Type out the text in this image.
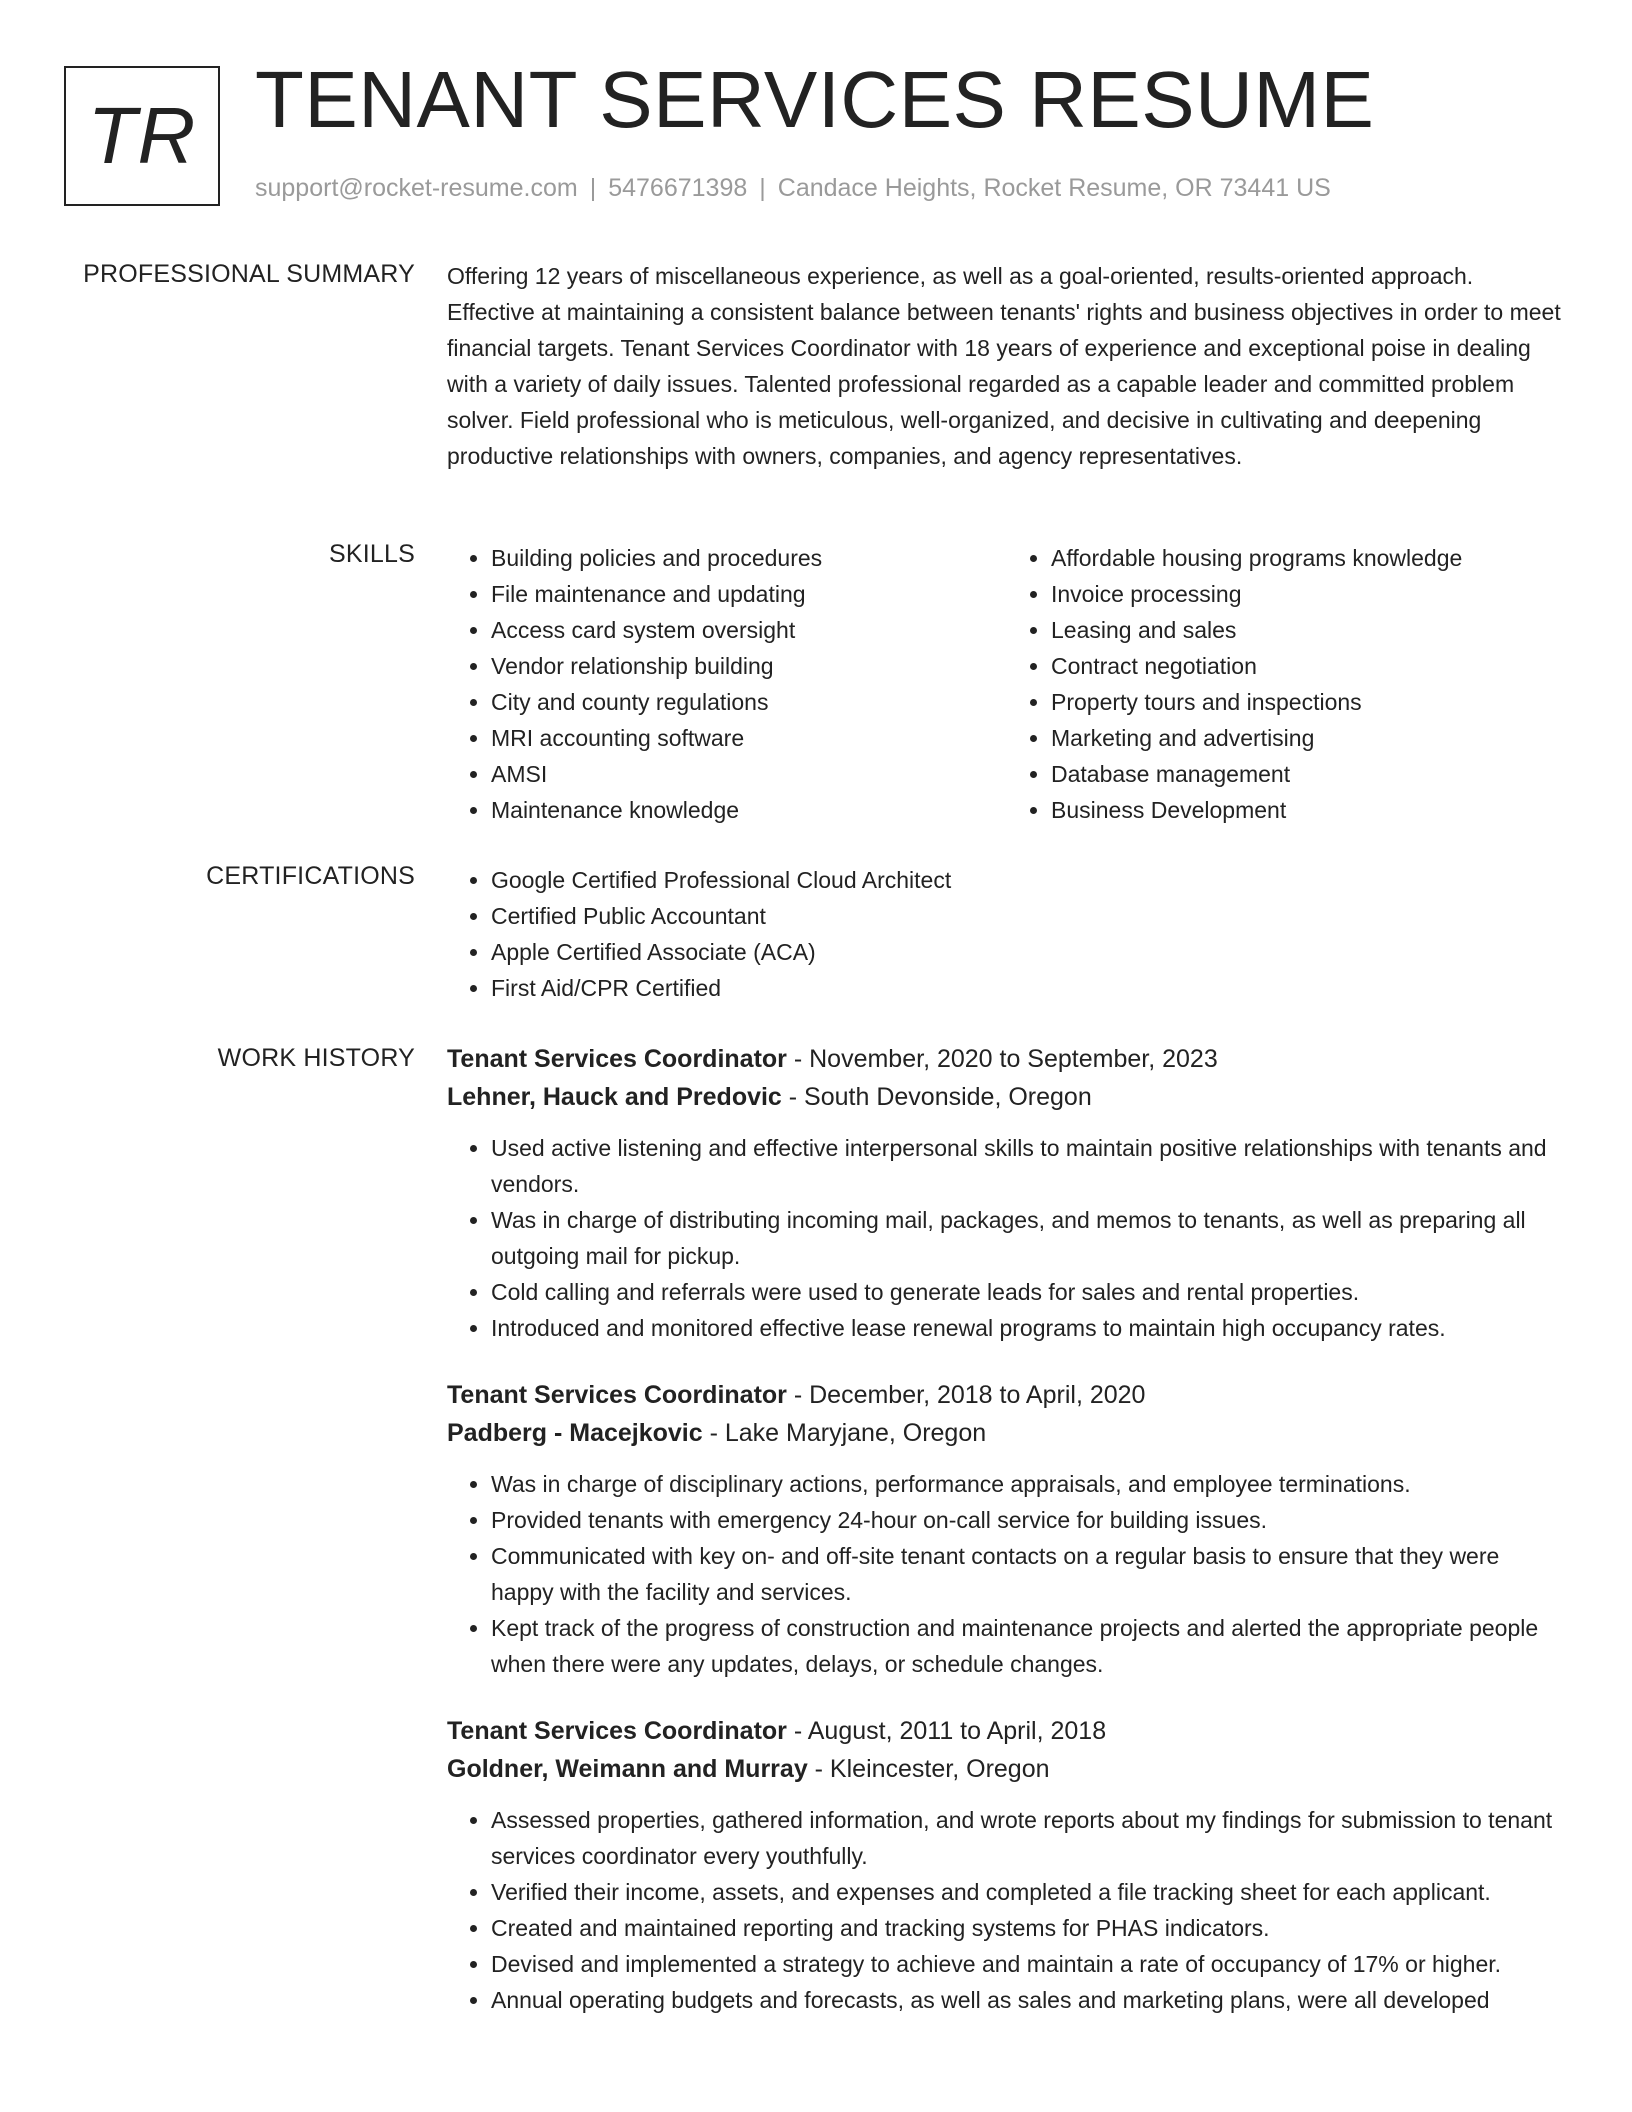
TR TENANT SERVICES RESUME
support@rocket-resume.com | 5476671398 | Candace Heights, Rocket Resume, OR 73441 US
PROFESSIONAL SUMMARY Offering 12 years of miscellaneous experience, as well as a goal-oriented, results-oriented approach. Effective at maintaining a consistent balance between tenants' rights and business objectives in order to meet financial targets. Tenant Services Coordinator with 18 years of experience and exceptional poise in dealing with a variety of daily issues. Talented professional regarded as a capable leader and committed problem solver. Field professional who is meticulous, well-organized, and decisive in cultivating and deepening productive relationships with owners, companies, and agency representatives.

SKILLS	• Building policies and procedures
• File maintenance and updating
• Access card system oversight
• Vendor relationship building
• City and county regulations
• MRI accounting software
• AMSI
• Maintenance knowledge
• Affordable housing programs knowledge
• Invoice processing
• Leasing and sales
• Contract negotiation
• Property tours and inspections
• Marketing and advertising
• Database management
• Business Development
CERTIFICATIONS	• Google Certified Professional Cloud Architect
• Certified Public Accountant
• Apple Certified Associate (ACA)
• First Aid/CPR Certified
WORK HISTORY Tenant Services Coordinator - November, 2020 to September, 2023
Lehner, Hauck and Predovic - South Devonside, Oregon
• Used active listening and effective interpersonal skills to maintain positive relationships with tenants and vendors.
• Was in charge of distributing incoming mail, packages, and memos to tenants, as well as preparing all outgoing mail for pickup.
• Cold calling and referrals were used to generate leads for sales and rental properties.
• Introduced and monitored effective lease renewal programs to maintain high occupancy rates.
Tenant Services Coordinator - December, 2018 to April, 2020
Padberg - Macejkovic - Lake Maryjane, Oregon
• Was in charge of disciplinary actions, performance appraisals, and employee terminations.
• Provided tenants with emergency 24-hour on-call service for building issues.
• Communicated with key on- and off-site tenant contacts on a regular basis to ensure that they were happy with the facility and services.
• Kept track of the progress of construction and maintenance projects and alerted the appropriate people when there were any updates, delays, or schedule changes.
Tenant Services Coordinator - August, 2011 to April, 2018
Goldner, Weimann and Murray - Kleincester, Oregon
• Assessed properties, gathered information, and wrote reports about my findings for submission to tenant services coordinator every youthfully.
• Verified their income, assets, and expenses and completed a file tracking sheet for each applicant.
• Created and maintained reporting and tracking systems for PHAS indicators.
• Devised and implemented a strategy to achieve and maintain a rate of occupancy of 17% or higher.
• Annual operating budgets and forecasts, as well as sales and marketing plans, were all developed
